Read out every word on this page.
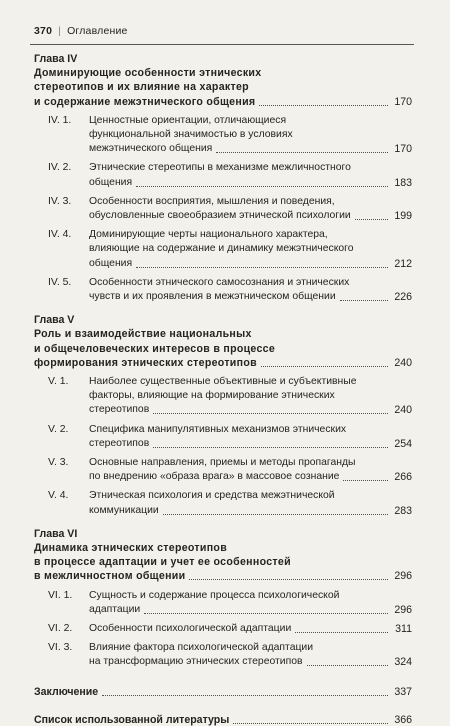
370 | Оглавление
Глава IV
Доминирующие особенности этнических
стереотипов и их влияние на характер
и содержание межэтнического общения	170
IV. 1. Ценностные ориентации, отличающиеся
функциональной значимостью в условиях
межэтнического общения	170
IV. 2. Этнические стереотипы в механизме межличностного
общения	183
IV. 3. Особенности восприятия, мышления и поведения,
обусловленные своеобразием этнической психологии	199
IV. 4. Доминирующие черты национального характера,
влияющие на содержание и динамику межэтнического
общения	212
IV. 5. Особенности этнического самосознания и этнических
чувств и их проявления в межэтническом общении	226
Глава V
Роль и взаимодействие национальных
и общечеловеческих интересов в процессе
формирования этнических стереотипов	240
V. 1. Наиболее существенные объективные и субъективные
факторы, влияющие на формирование этнических
стереотипов	240
V. 2. Специфика манипулятивных механизмов этнических
стереотипов	254
V. 3. Основные направления, приемы и методы пропаганды
по внедрению «образа врага» в массовое сознание	266
V. 4. Этническая психология и средства межэтнической
коммуникации	283
Глава VI
Динамика этнических стереотипов
в процессе адаптации и учет ее особенностей
в межличностном общении	296
VI. 1. Сущность и содержание процесса психологической
адаптации	296
VI. 2. Особенности психологической адаптации	311
VI. 3. Влияние фактора психологической адаптации
на трансформацию этнических стереотипов	324
Заключение	337
Список использованной литературы	366
